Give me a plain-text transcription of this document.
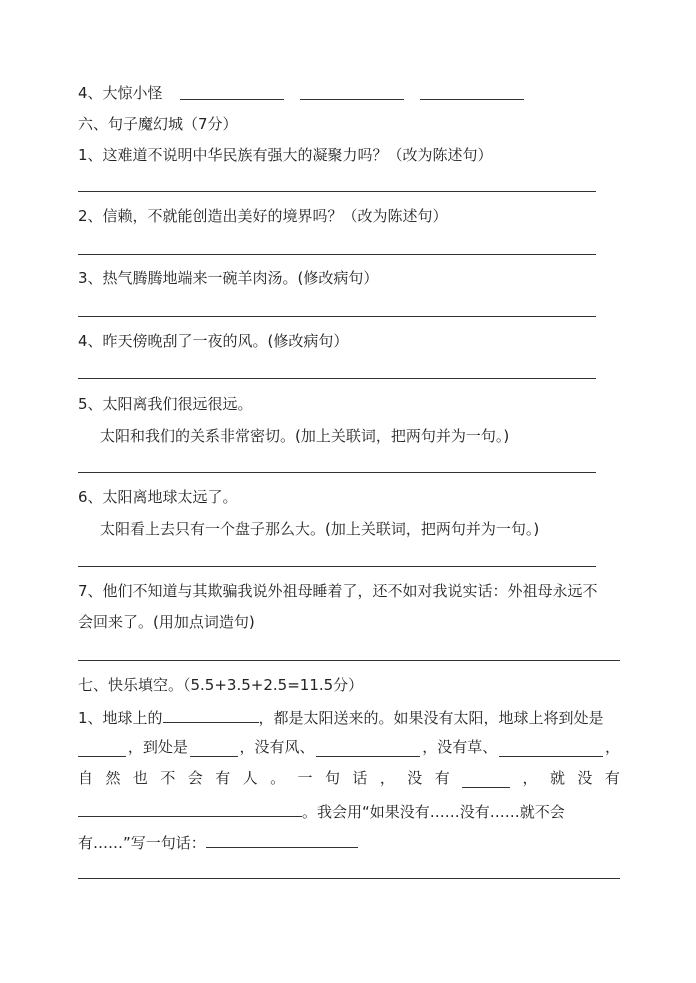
4、大惊小怪
六、句子魔幻城（7分）
1、这难道不说明中华民族有强大的凝聚力吗？（改为陈述句）
2、信赖，不就能创造出美好的境界吗？（改为陈述句）
3、热气腾腾地端来一碗羊肉汤。(修改病句）
4、昨天傍晚刮了一夜的风。(修改病句）
5、太阳离我们很远很远。
太阳和我们的关系非常密切。(加上关联词，把两句并为一句。)
6、太阳离地球太远了。
太阳看上去只有一个盘子那么大。(加上关联词，把两句并为一句。)
7、他们不知道与其欺骗我说外祖母睡着了，还不如对我说实话：外祖母永远不
会回来了。(用加点词造句)
七、快乐填空。（5.5+3.5+2.5=11.5分）
1、地球上的	，都是太阳送来的。如果没有太阳，地球上将到处是
，到处是	，没有风、	，没有草、	，
自 然 也 不 会 有 人 。 一 句 话 ， 没 有	， 就 没 有
。我会用“如果没有……没有……就不会
有……”写一句话：
